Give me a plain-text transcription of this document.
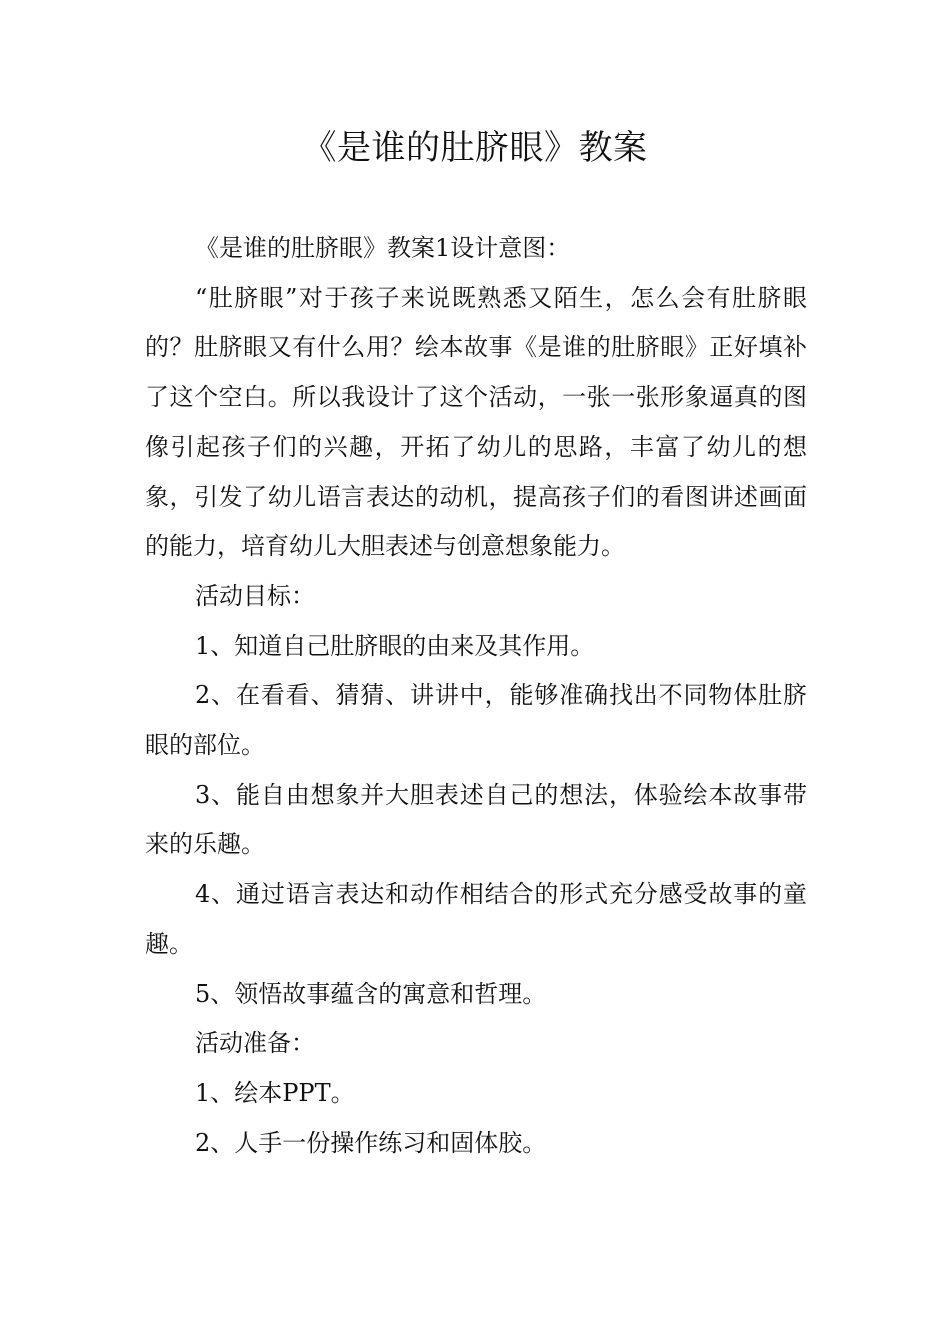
《是谁的肚脐眼》教案

《是谁的肚脐眼》教案1设计意图：

“肚脐眼”对于孩子来说既熟悉又陌生，怎么会有肚脐眼的？肚脐眼又有什么用？绘本故事《是谁的肚脐眼》正好填补了这个空白。所以我设计了这个活动，一张一张形象逼真的图像引起孩子们的兴趣，开拓了幼儿的思路，丰富了幼儿的想象，引发了幼儿语言表达的动机，提高孩子们的看图讲述画面的能力，培育幼儿大胆表述与创意想象能力。

活动目标：

1、知道自己肚脐眼的由来及其作用。

2、在看看、猜猜、讲讲中，能够准确找出不同物体肚脐眼的部位。

3、能自由想象并大胆表述自己的想法，体验绘本故事带来的乐趣。

4、通过语言表达和动作相结合的形式充分感受故事的童趣。

5、领悟故事蕴含的寓意和哲理。

活动准备：

1、绘本PPT。

2、人手一份操作练习和固体胶。
